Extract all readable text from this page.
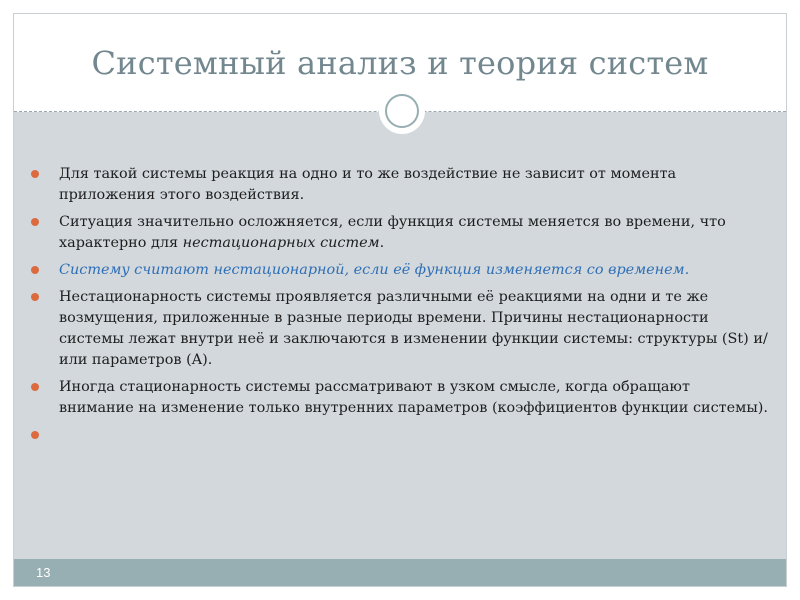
Системный анализ и теория систем
Для такой системы реакция на одно и то же воздействие не зависит от момента приложения этого воздействия.
Ситуация значительно осложняется, если функция системы меняется во времени, что характерно для нестационарных систем.
Системy считают нестационарной, если её функция изменяется со временем.
Нестационарность системы проявляется различными её реакциями на одни и те же возмущения, приложенные в разные периоды времени. Причины нестационарности системы лежат внутри неё и заключаются в изменении функции системы: структуры (St) и/или параметров (A).
Иногда стационарность системы рассматривают в узком смысле, когда обращают внимание на изменение только внутренних параметров (коэффициентов функции системы).

13
